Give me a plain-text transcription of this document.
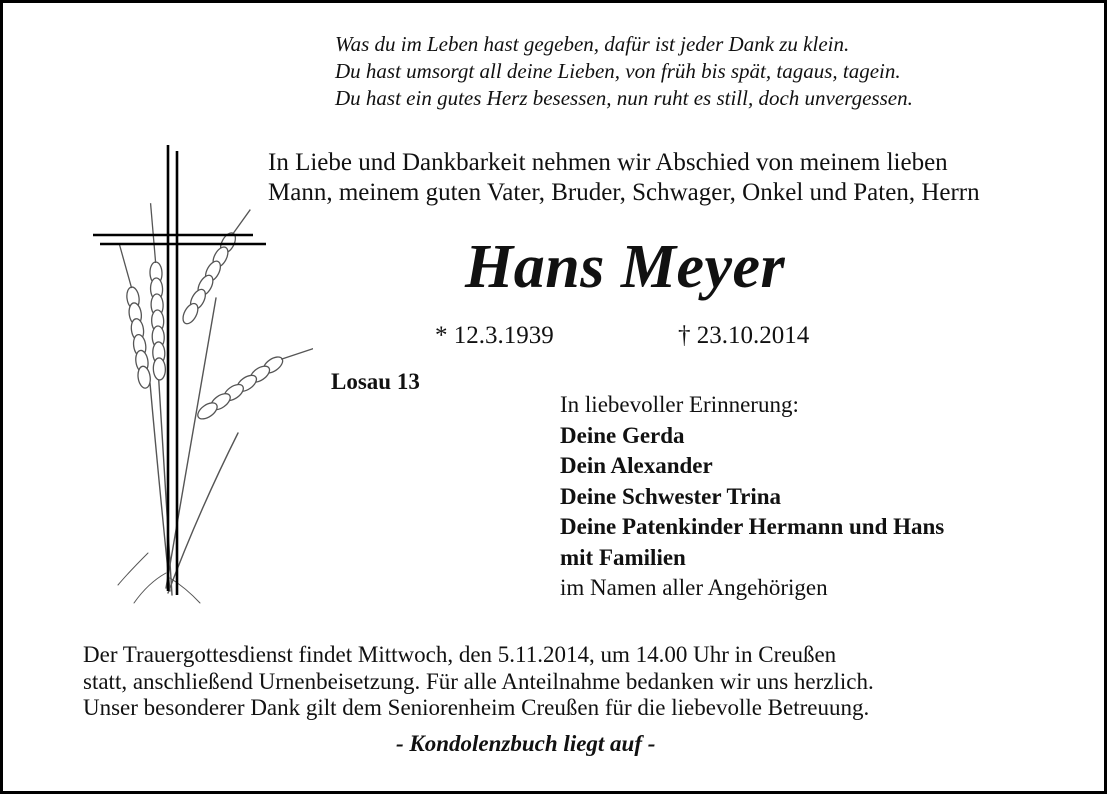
Was du im Leben hast gegeben, dafür ist jeder Dank zu klein.
Du hast umsorgt all deine Lieben, von früh bis spät, tagaus, tagein.
Du hast ein gutes Herz besessen, nun ruht es still, doch unvergessen.
In Liebe und Dankbarkeit nehmen wir Abschied von meinem lieben
Mann, meinem guten Vater, Bruder, Schwager, Onkel und Paten, Herrn
Hans Meyer
* 12.3.1939	† 23.10.2014
Losau 13
In liebevoller Erinnerung:
Deine Gerda
Dein Alexander
Deine Schwester Trina
Deine Patenkinder Hermann und Hans
mit Familien
im Namen aller Angehörigen
Der Trauergottesdienst findet Mittwoch, den 5.11.2014, um 14.00 Uhr in Creußen
statt, anschließend Urnenbeisetzung. Für alle Anteilnahme bedanken wir uns herzlich.
Unser besonderer Dank gilt dem Seniorenheim Creußen für die liebevolle Betreuung.
- Kondolenzbuch liegt auf -
